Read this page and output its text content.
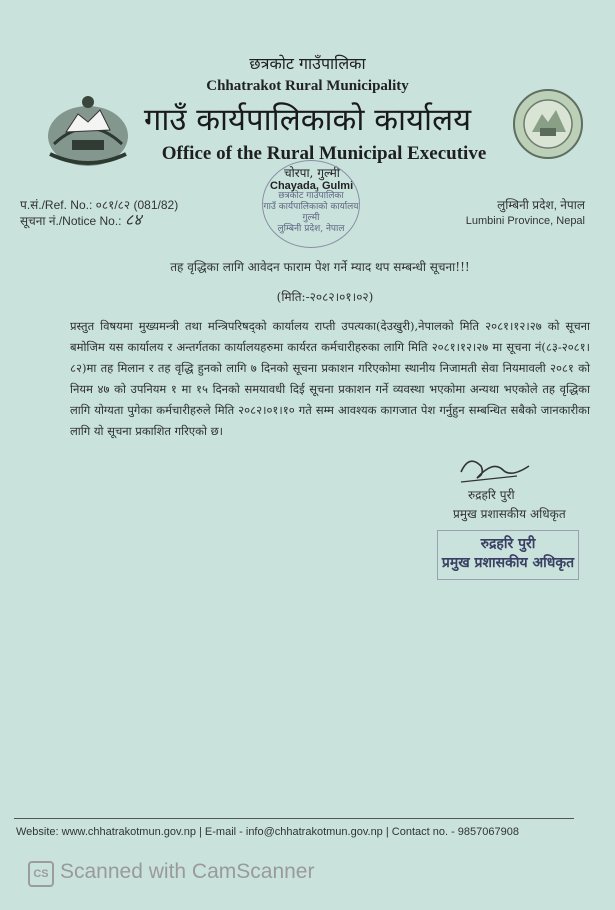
छत्रकोट गाउँपालिका
Chhatrakot Rural Municipality
गाउँ कार्यपालिकाको कार्यालय
Office of the Rural Municipal Executive
चोरपा, गुल्मी
Chayada, Gulmi
छत्रकोट गाउँपालिका
गाउँ कार्यपालिकाको कार्यालय
गुल्मी
लुम्बिनी प्रदेश, नेपाल
प.सं./Ref. No.: ०८१/८२ (081/82)
सूचना नं./Notice No.: ८४
लुम्बिनी प्रदेश, नेपाल
Lumbini Province, Nepal
तह वृद्धिका लागि आवेदन फाराम पेश गर्ने म्याद थप सम्बन्धी सूचना!!!
(मिति:-२०८२।०१।०२)
प्रस्तुत विषयमा मुख्यमन्त्री तथा मन्त्रिपरिषद्को कार्यालय राप्ती उपत्यका(देउखुरी),नेपालको मिति २०८१।१२।२७ को सूचना बमोजिम यस कार्यालय र अन्तर्गतका कार्यालयहरुमा कार्यरत कर्मचारीहरुका लागि मिति २०८१।१२।२७ मा सूचना नं(८३-२०८१।८२)मा तह मिलान र तह वृद्धि हुनको लागि ७ दिनको सूचना प्रकाशन गरिएकोमा स्थानीय निजामती सेवा नियमावली २०८१ को नियम ४७ को उपनियम १ मा १५ दिनको समयावधी दिई सूचना प्रकाशन गर्ने व्यवस्था भएकोमा अन्यथा भएकोले तह वृद्धिका लागि योग्यता पुगेका कर्मचारीहरुले मिति २०८२।०१।१० गते सम्म आवश्यक कागजात पेश गर्नुहुन सम्बन्धित सबैको जानकारीका लागि यो सूचना प्रकाशित गरिएको छ।
रुद्रहरि पुरी
प्रमुख प्रशासकीय अधिकृत
रुद्रहरि पुरी
प्रमुख प्रशासकीय अधिकृत
Website: www.chhatrakotmun.gov.np | E-mail - info@chhatrakotmun.gov.np | Contact no. - 9857067908
CS Scanned with CamScanner
